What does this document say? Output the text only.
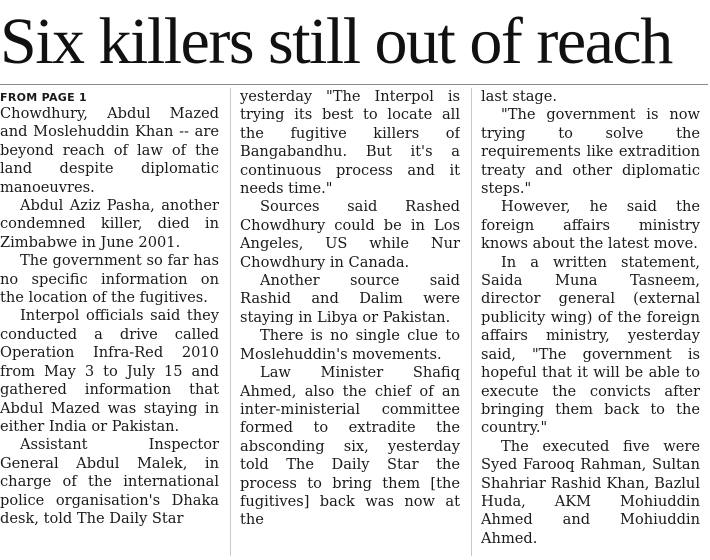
Six killers still out of reach
FROM PAGE 1

Chowdhury, Abdul Mazed and Moslehuddin Khan -- are beyond reach of law of the land despite diplomatic manoeuvres.

Abdul Aziz Pasha, another condemned killer, died in Zimbabwe in June 2001.

The government so far has no specific information on the location of the fugitives.

Interpol officials said they conducted a drive called Operation Infra-Red 2010 from May 3 to July 15 and gathered information that Abdul Mazed was staying in either India or Pakistan.

Assistant Inspector General Abdul Malek, in charge of the international police organisation's Dhaka desk, told The Daily Star

yesterday "The Interpol is trying its best to locate all the fugitive killers of Bangabandhu. But it's a continuous process and it needs time."

Sources said Rashed Chowdhury could be in Los Angeles, US while Nur Chowdhury in Canada.

Another source said Rashid and Dalim were staying in Libya or Pakistan.

There is no single clue to Moslehuddin's movements.

Law Minister Shafiq Ahmed, also the chief of an inter-ministerial committee formed to extradite the absconding six, yesterday told The Daily Star the process to bring them [the fugitives] back was now at the

last stage.

"The government is now trying to solve the requirements like extradition treaty and other diplomatic steps."

However, he said the foreign affairs ministry knows about the latest move.

In a written statement, Saida Muna Tasneem, director general (external publicity wing) of the foreign affairs ministry, yesterday said, "The government is hopeful that it will be able to execute the convicts after bringing them back to the country."

The executed five were Syed Farooq Rahman, Sultan Shahriar Rashid Khan, Bazlul Huda, AKM Mohiuddin Ahmed and Mohiuddin Ahmed.
